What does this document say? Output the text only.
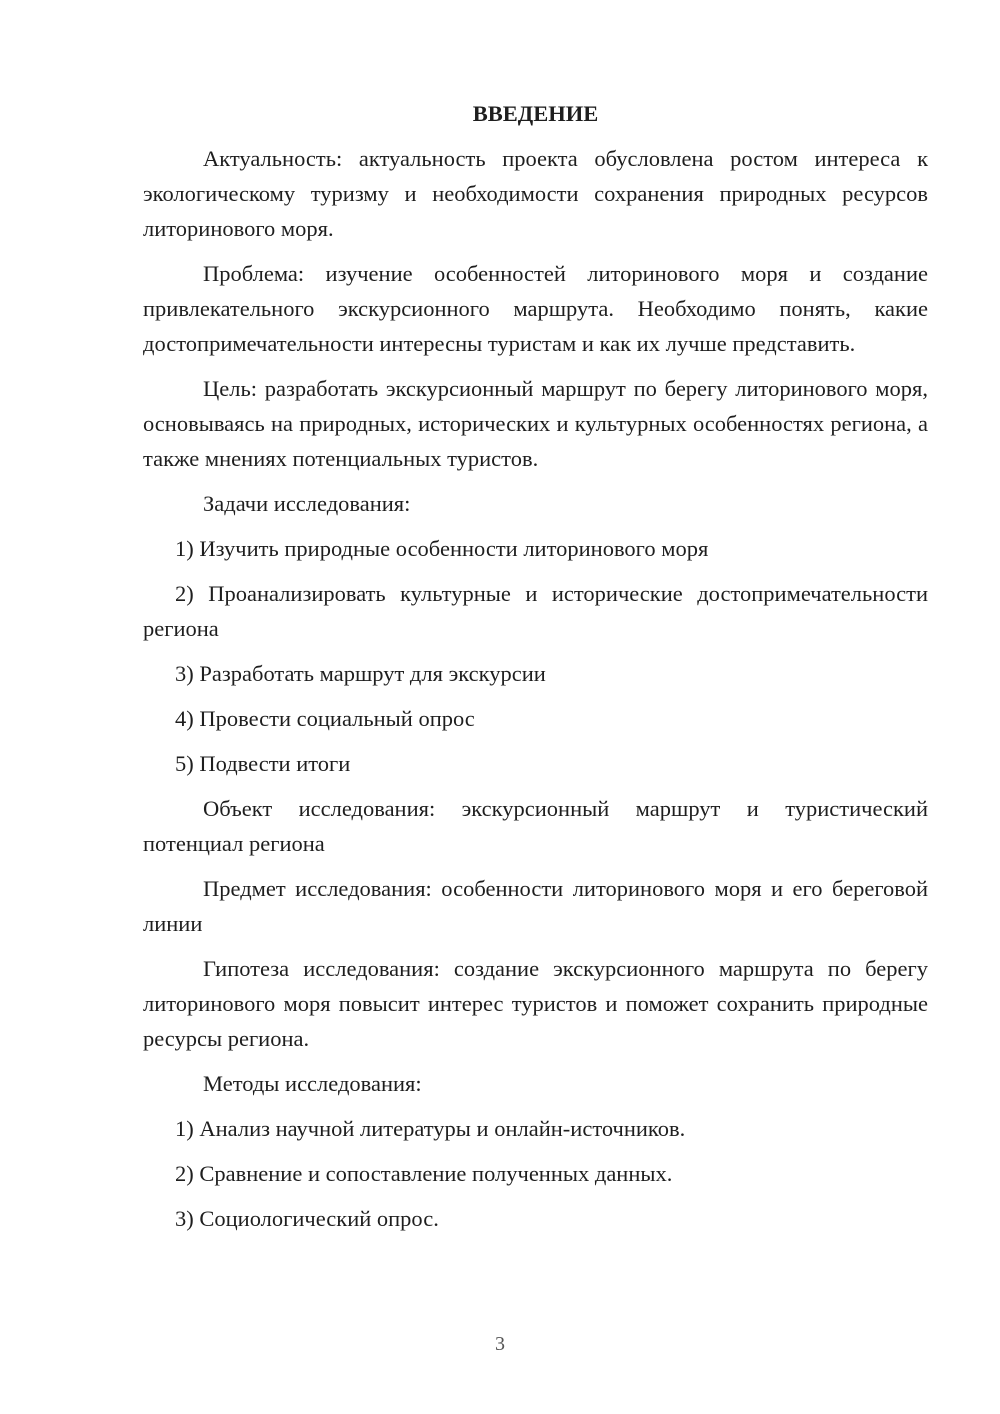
ВВЕДЕНИЕ

Актуальность: актуальность проекта обусловлена ростом интереса к экологическому туризму и необходимости сохранения природных ресурсов литоринового моря.

Проблема: изучение особенностей литоринового моря и создание привлекательного экскурсионного маршрута. Необходимо понять, какие достопримечательности интересны туристам и как их лучше представить.

Цель: разработать экскурсионный маршрут по берегу литоринового моря, основываясь на природных, исторических и культурных особенностях региона, а также мнениях потенциальных туристов.

Задачи исследования:

1) Изучить природные особенности литоринового моря

2) Проанализировать культурные и исторические достопримечательности региона

3) Разработать маршрут для экскурсии

4) Провести социальный опрос

5) Подвести итоги

Объект исследования: экскурсионный маршрут и туристический потенциал региона

Предмет исследования: особенности литоринового моря и его береговой линии

Гипотеза исследования: создание экскурсионного маршрута по берегу литоринового моря повысит интерес туристов и поможет сохранить природные ресурсы региона.

Методы исследования:

1) Анализ научной литературы и онлайн-источников.

2) Сравнение и сопоставление полученных данных.

3) Социологический опрос.

3
